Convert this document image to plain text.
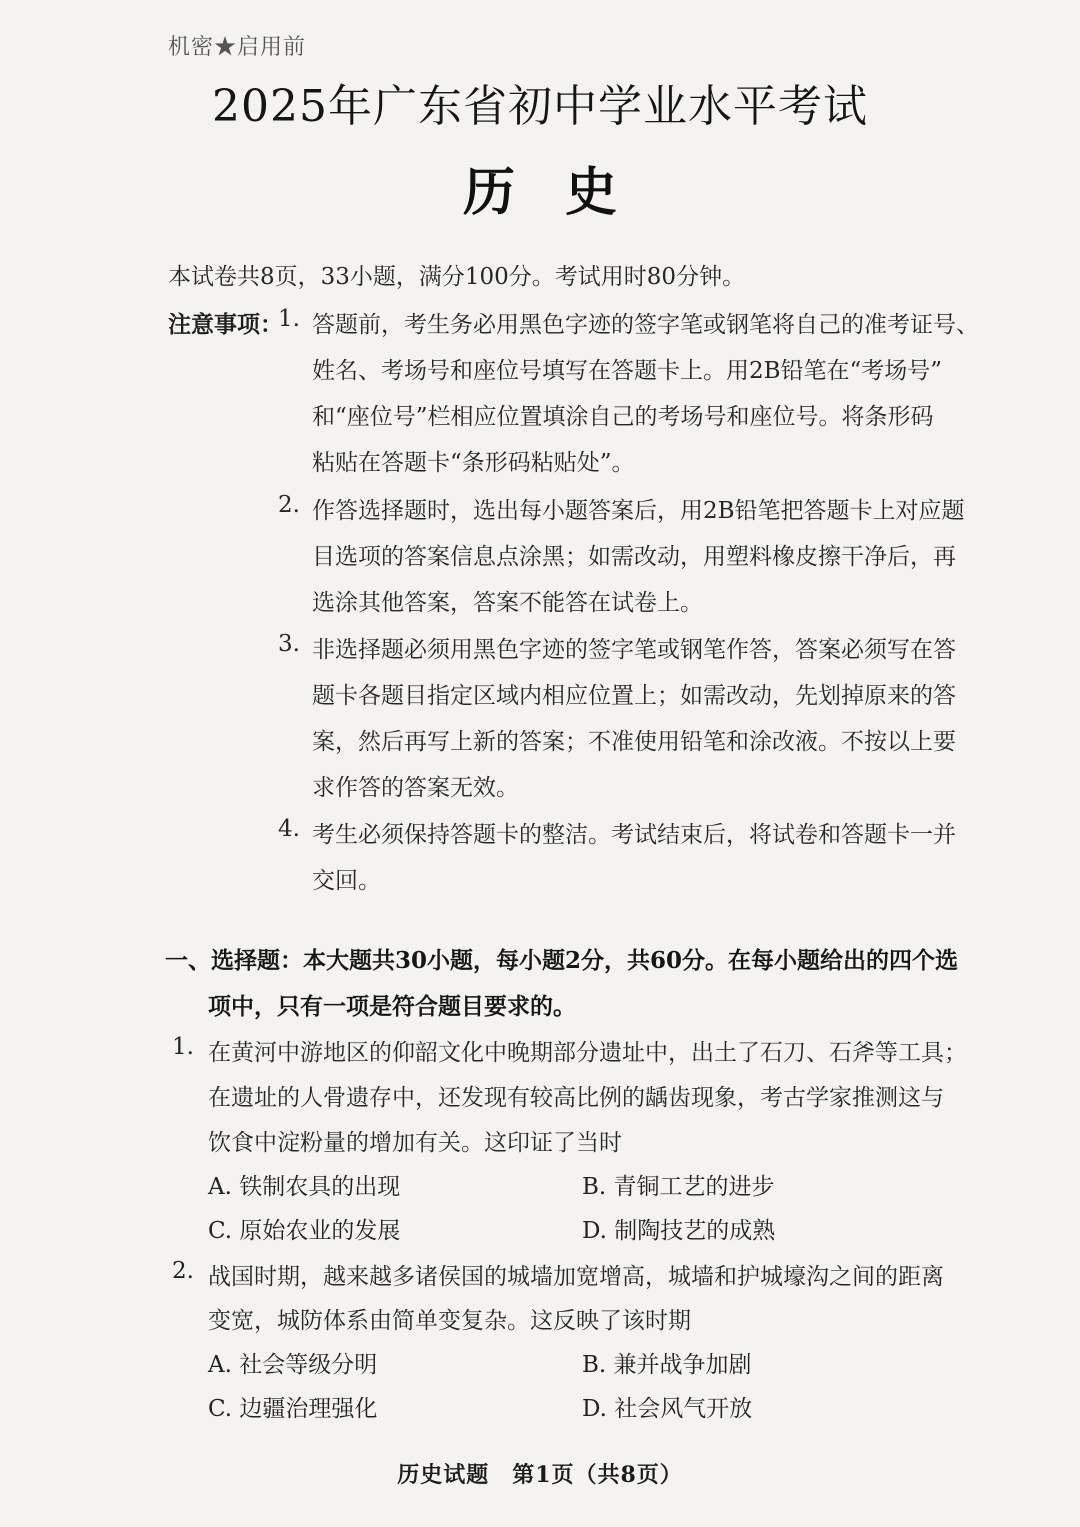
机密★启用前
2025年广东省初中学业水平考试
历史
本试卷共8页，33小题，满分100分。考试用时80分钟。
注意事项：
1. 答题前，考生务必用黑色字迹的签字笔或钢笔将自己的准考证号、
姓名、考场号和座位号填写在答题卡上。用2B铅笔在“考场号”
和“座位号”栏相应位置填涂自己的考场号和座位号。将条形码
粘贴在答题卡“条形码粘贴处”。
2. 作答选择题时，选出每小题答案后，用2B铅笔把答题卡上对应题
目选项的答案信息点涂黑；如需改动，用塑料橡皮擦干净后，再
选涂其他答案，答案不能答在试卷上。
3. 非选择题必须用黑色字迹的签字笔或钢笔作答，答案必须写在答
题卡各题目指定区域内相应位置上；如需改动，先划掉原来的答
案，然后再写上新的答案；不准使用铅笔和涂改液。不按以上要
求作答的答案无效。
4. 考生必须保持答题卡的整洁。考试结束后，将试卷和答题卡一并
交回。
一、选择题：本大题共30小题，每小题2分，共60分。在每小题给出的四个选
项中，只有一项是符合题目要求的。
1. 在黄河中游地区的仰韶文化中晚期部分遗址中，出土了石刀、石斧等工具；
在遗址的人骨遗存中，还发现有较高比例的龋齿现象，考古学家推测这与
饮食中淀粉量的增加有关。这印证了当时
A. 铁制农具的出现	B. 青铜工艺的进步
C. 原始农业的发展	D. 制陶技艺的成熟
2. 战国时期，越来越多诸侯国的城墙加宽增高，城墙和护城壕沟之间的距离
变宽，城防体系由简单变复杂。这反映了该时期
A. 社会等级分明	B. 兼并战争加剧
C. 边疆治理强化	D. 社会风气开放
历史试题　第1页（共8页）
